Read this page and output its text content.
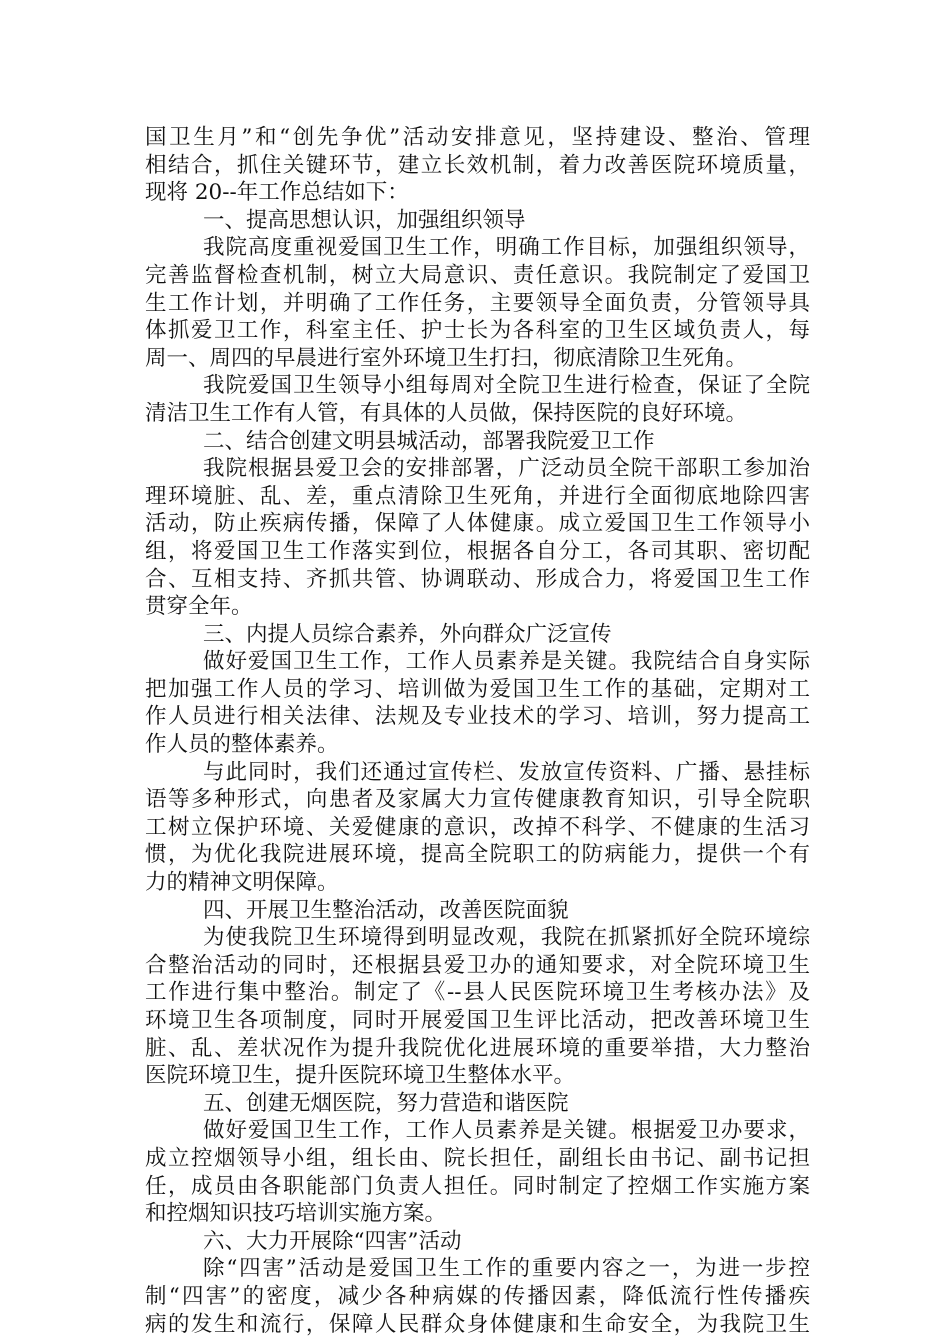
国卫生月”和“创先争优”活动安排意见，坚持建设、整治、管理
相结合，抓住关键环节，建立长效机制，着力改善医院环境质量，
现将 20--年工作总结如下：
一、提高思想认识，加强组织领导
我院高度重视爱国卫生工作，明确工作目标，加强组织领导，
完善监督检查机制，树立大局意识、责任意识。我院制定了爱国卫
生工作计划，并明确了工作任务，主要领导全面负责，分管领导具
体抓爱卫工作，科室主任、护士长为各科室的卫生区域负责人，每
周一、周四的早晨进行室外环境卫生打扫，彻底清除卫生死角。
我院爱国卫生领导小组每周对全院卫生进行检查，保证了全院
清洁卫生工作有人管，有具体的人员做，保持医院的良好环境。
二、结合创建文明县城活动，部署我院爱卫工作
我院根据县爱卫会的安排部署，广泛动员全院干部职工参加治
理环境脏、乱、差，重点清除卫生死角，并进行全面彻底地除四害
活动，防止疾病传播，保障了人体健康。成立爱国卫生工作领导小
组，将爱国卫生工作落实到位，根据各自分工，各司其职、密切配
合、互相支持、齐抓共管、协调联动、形成合力，将爱国卫生工作
贯穿全年。
三、内提人员综合素养，外向群众广泛宣传
做好爱国卫生工作，工作人员素养是关键。我院结合自身实际
把加强工作人员的学习、培训做为爱国卫生工作的基础，定期对工
作人员进行相关法律、法规及专业技术的学习、培训，努力提高工
作人员的整体素养。
与此同时，我们还通过宣传栏、发放宣传资料、广播、悬挂标
语等多种形式，向患者及家属大力宣传健康教育知识，引导全院职
工树立保护环境、关爱健康的意识，改掉不科学、不健康的生活习
惯，为优化我院进展环境，提高全院职工的防病能力，提供一个有
力的精神文明保障。
四、开展卫生整治活动，改善医院面貌
为使我院卫生环境得到明显改观，我院在抓紧抓好全院环境综
合整治活动的同时，还根据县爱卫办的通知要求，对全院环境卫生
工作进行集中整治。制定了《--县人民医院环境卫生考核办法》及
环境卫生各项制度，同时开展爱国卫生评比活动，把改善环境卫生
脏、乱、差状况作为提升我院优化进展环境的重要举措，大力整治
医院环境卫生，提升医院环境卫生整体水平。
五、创建无烟医院，努力营造和谐医院
做好爱国卫生工作，工作人员素养是关键。根据爱卫办要求，
成立控烟领导小组，组长由、院长担任，副组长由书记、副书记担
任，成员由各职能部门负责人担任。同时制定了控烟工作实施方案
和控烟知识技巧培训实施方案。
六、大力开展除“四害”活动
除“四害”活动是爱国卫生工作的重要内容之一，为进一步控
制“四害”的密度，减少各种病媒的传播因素，降低流行性传播疾
病的发生和流行，保障人民群众身体健康和生命安全，为我院卫生
